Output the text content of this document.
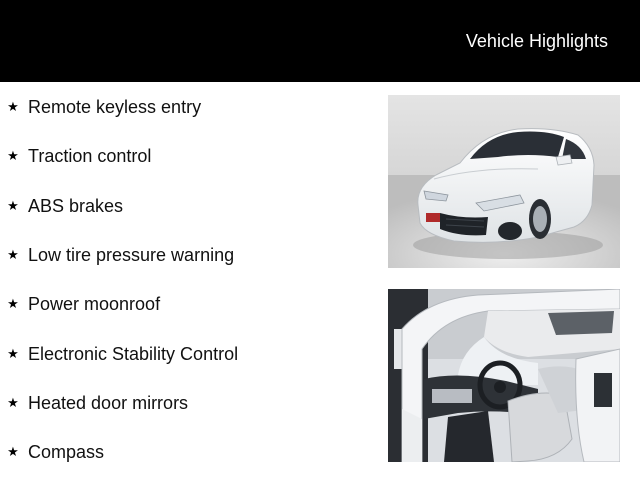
Vehicle Highlights
★ Remote keyless entry
★ Traction control
★ ABS brakes
★ Low tire pressure warning
★ Power moonroof
★ Electronic Stability Control
★ Heated door mirrors
★ Compass
